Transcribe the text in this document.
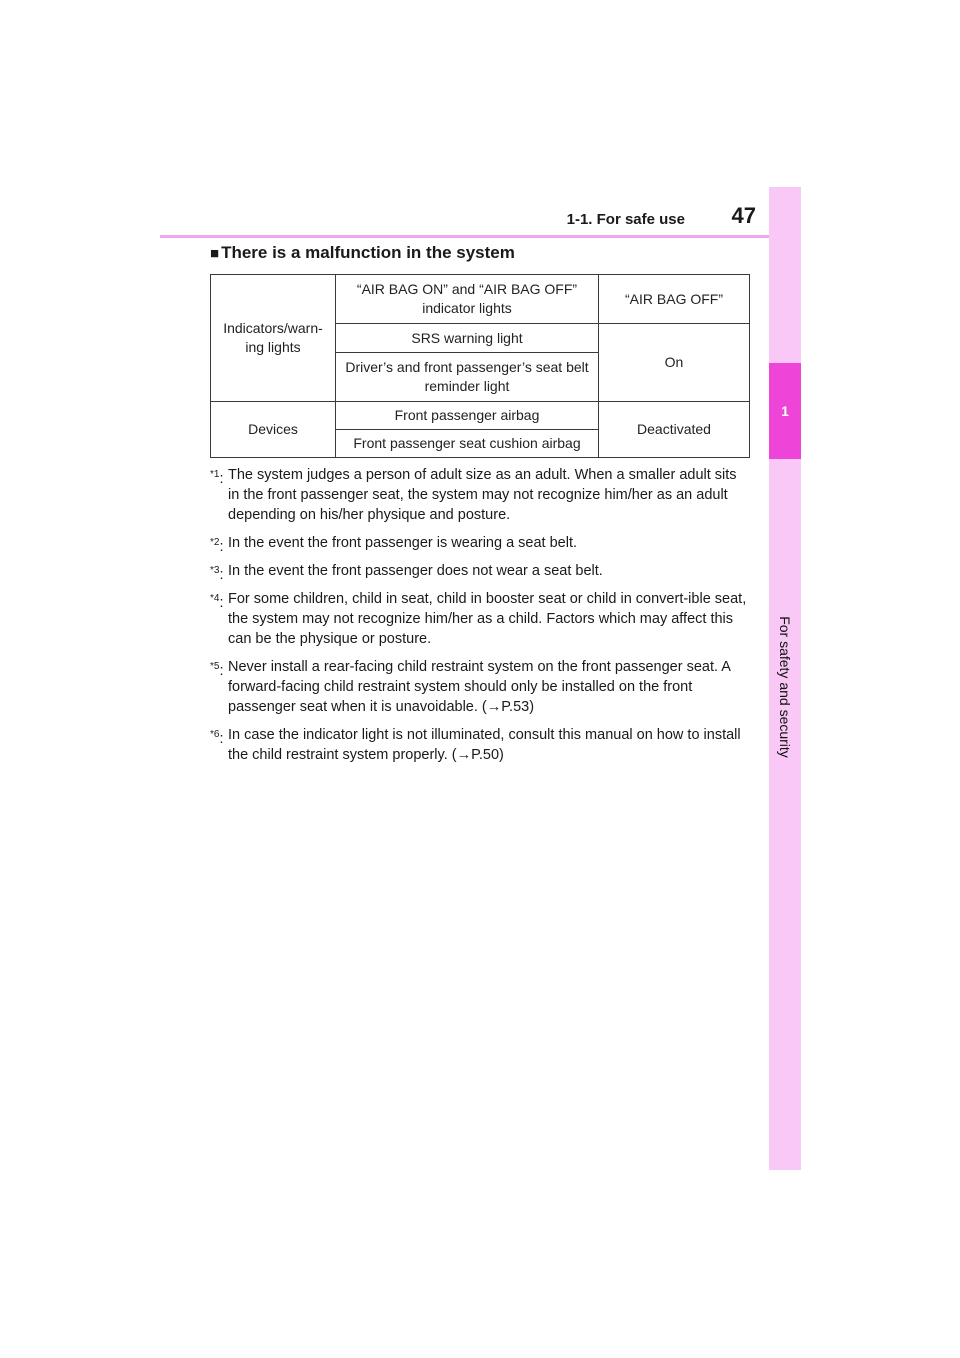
1-1. For safe use 47
1
For safety and security
■ There is a malfunction in the system
Indicators/warn-ing lights	“AIR BAG ON” and “AIR BAG OFF” indicator lights	“AIR BAG OFF”
	SRS warning light	On
	Driver’s and front passenger’s seat belt reminder light	
Devices	Front passenger airbag	Deactivated
	Front passenger seat cushion airbag	
$^{*1}$: The system judges a person of adult size as an adult. When a smaller adult sits in the front passenger seat, the system may not recognize him/her as an adult depending on his/her physique and posture.
$^{*2}$: In the event the front passenger is wearing a seat belt.
$^{*3}$: In the event the front passenger does not wear a seat belt.
$^{*4}$: For some children, child in seat, child in booster seat or child in convert-ible seat, the system may not recognize him/her as a child. Factors which may affect this can be the physique or posture.
$^{*5}$: Never install a rear-facing child restraint system on the front passenger seat. A forward-facing child restraint system should only be installed on the front passenger seat when it is unavoidable. (→P.53)
$^{*6}$: In case the indicator light is not illuminated, consult this manual on how to install the child restraint system properly. (→P.50)
